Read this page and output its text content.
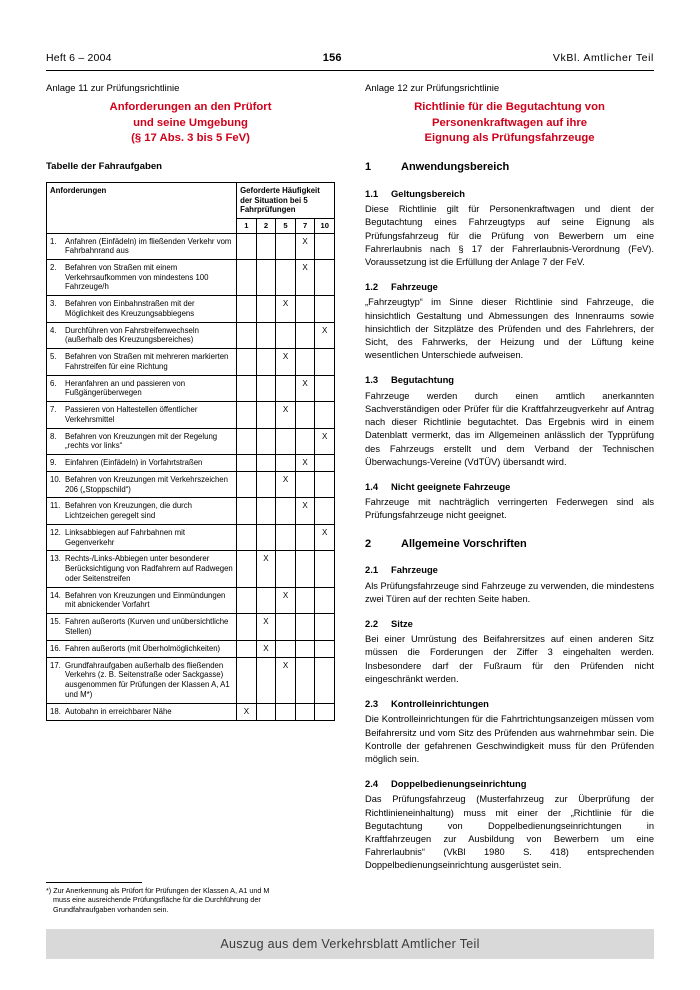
Heft 6 – 2004	156	VkBl. Amtlicher Teil
Anlage 11 zur Prüfungsrichtlinie
Anforderungen an den Prüfort
und seine Umgebung
(§ 17 Abs. 3 bis 5 FeV)
Tabelle der Fahraufgaben
Anforderungen	Geforderte Häufigkeit der Situation bei 5 Fahrprüfungen				
	1	2	5	7	10

1. Anfahren (Einfädeln) im fließenden Verkehr vom Fahrbahnrand aus				X	

2. Befahren von Straßen mit einem Verkehrsaufkommen von mindestens 100 Fahrzeuge/h				X	

3. Befahren von Einbahnstraßen mit der Möglichkeit des Kreuzungsabbiegens			X		

4. Durchführen von Fahrstreifenwechseln (außerhalb des Kreuzungsbereiches)					X

5. Befahren von Straßen mit mehreren markierten Fahrstreifen für eine Richtung			X		

6. Heranfahren an und passieren von Fußgängerüberwegen				X	

7. Passieren von Haltestellen öffentlicher Verkehrsmittel			X		

8. Befahren von Kreuzungen mit der Regelung „rechts vor links“					X

9. Einfahren (Einfädeln) in Vorfahrtstraßen				X	

10. Befahren von Kreuzungen mit Verkehrszeichen 206 („Stoppschild“)			X		

11. Befahren von Kreuzungen, die durch Lichtzeichen geregelt sind				X	

12. Linksabbiegen auf Fahrbahnen mit Gegenverkehr					X

13. Rechts-/Links-Abbiegen unter besonderer Berücksichtigung von Radfahrern auf Radwegen oder Seitenstreifen		X			

14. Befahren von Kreuzungen und Einmündungen mit abnickender Vorfahrt			X		

15. Fahren außerorts (Kurven und unübersichtliche Stellen)		X			

16. Fahren außerorts (mit Überholmöglichkeiten)		X			

17. Grundfahraufgaben außerhalb des fließenden Verkehrs (z. B. Seitenstraße oder Sackgasse) ausgenommen für Prüfungen der Klassen A, A1 und M*)			X		

18. Autobahn in erreichbarer Nähe	X				
*) Zur Anerkennung als Prüfort für Prüfungen der Klassen A, A1 und M
muss eine ausreichende Prüfungsfläche für die Durchführung der
Grundfahraufgaben vorhanden sein.
Anlage 12 zur Prüfungsrichtlinie
Richtlinie für die Begutachtung von
Personenkraftwagen auf ihre
Eignung als Prüfungsfahrzeuge
1	Anwendungsbereich
1.1	Geltungsbereich

Diese Richtlinie gilt für Personenkraftwagen und dient der Begutachtung eines Fahrzeugtyps auf seine Eignung als Prüfungsfahrzeug für die Prüfung von Bewerbern um eine Fahrerlaubnis nach § 17 der Fahrerlaubnis-Verordnung (FeV). Voraussetzung ist die Erfüllung der Anlage 7 der FeV.

1.2	Fahrzeuge

„Fahrzeugtyp“ im Sinne dieser Richtlinie sind Fahrzeuge, die hinsichtlich Gestaltung und Abmessungen des Innenraums sowie hinsichtlich der Sitzplätze des Prüfenden und des Fahrlehrers, der Sicht, des Fahrwerks, der Heizung und der Lüftung keine wesentlichen Unterschiede aufweisen.

1.3	Begutachtung

Fahrzeuge werden durch einen amtlich anerkannten Sachverständigen oder Prüfer für die Kraftfahrzeugverkehr auf Antrag nach dieser Richtlinie begutachtet. Das Ergebnis wird in einem Datenblatt vermerkt, das im Allgemeinen anlässlich der Typprüfung des Fahrzeugs erstellt und dem Verband der Technischen Überwachungs-Vereine (VdTÜV) übersandt wird.

1.4	Nicht geeignete Fahrzeuge

Fahrzeuge mit nachträglich verringerten Federwegen sind als Prüfungsfahrzeuge nicht geeignet.

2	Allgemeine Vorschriften
2.1	Fahrzeuge

Als Prüfungsfahrzeuge sind Fahrzeuge zu verwenden, die mindestens zwei Türen auf der rechten Seite haben.

2.2	Sitze

Bei einer Umrüstung des Beifahrersitzes auf einen anderen Sitz müssen die Forderungen der Ziffer 3 eingehalten werden. Insbesondere darf der Fußraum für den Prüfenden nicht eingeschränkt werden.

2.3	Kontrolleinrichtungen

Die Kontrolleinrichtungen für die Fahrtrichtungsanzeigen müssen vom Beifahrersitz und vom Sitz des Prüfenden aus wahrnehmbar sein. Die Kontrolle der gefahrenen Geschwindigkeit muss für den Prüfenden möglich sein.

2.4	Doppelbedienungseinrichtung

Das Prüfungsfahrzeug (Musterfahrzeug zur Überprüfung der Richtlinieneinhaltung) muss mit einer der „Richtlinie für die Begutachtung von Doppelbedienungseinrichtungen in Kraftfahrzeugen zur Ausbildung von Bewerbern um eine Fahrerlaubnis“ (VkBl 1980 S. 418) entsprechenden Doppelbedienungseinrichtung ausgerüstet sein.

Auszug aus dem Verkehrsblatt Amtlicher Teil
